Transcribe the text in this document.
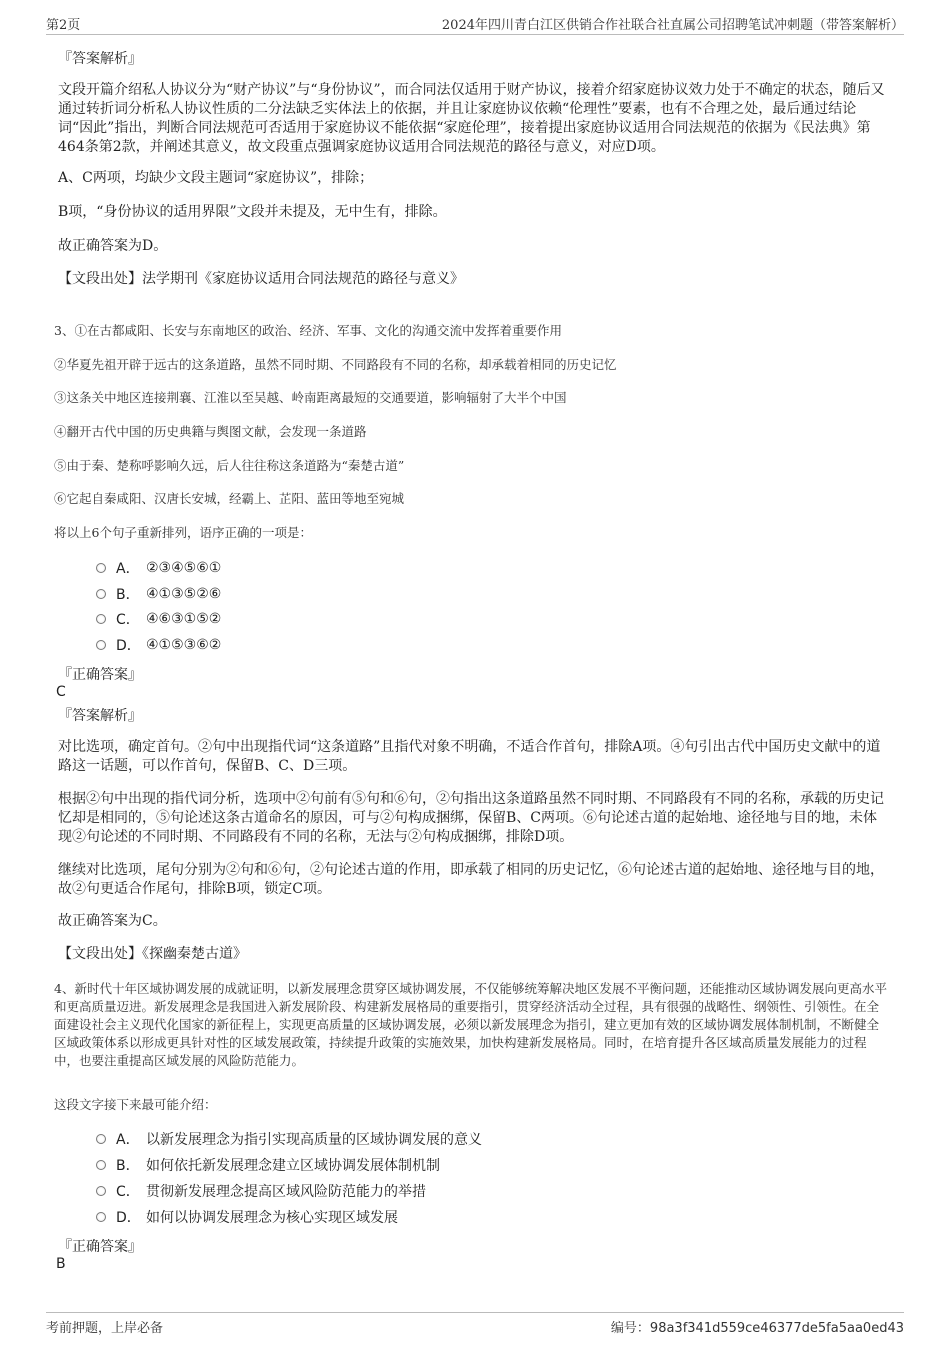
第2页	2024年四川青白江区供销合作社联合社直属公司招聘笔试冲刺题（带答案解析）
『答案解析』

文段开篇介绍私人协议分为“财产协议”与“身份协议”，而合同法仅适用于财产协议，接着介绍家庭协议效力处于不确定的状态，随后又通过转折词分析私人协议性质的二分法缺乏实体法上的依据，并且让家庭协议依赖“伦理性”要素，也有不合理之处，最后通过结论词“因此”指出，判断合同法规范可否适用于家庭协议不能依据“家庭伦理”，接着提出家庭协议适用合同法规范的依据为《民法典》第464条第2款，并阐述其意义，故文段重点强调家庭协议适用合同法规范的路径与意义，对应D项。

A、C两项，均缺少文段主题词“家庭协议”，排除；

B项，“身份协议的适用界限”文段并未提及，无中生有，排除。

故正确答案为D。

【文段出处】法学期刊《家庭协议适用合同法规范的路径与意义》

3、①在古都咸阳、长安与东南地区的政治、经济、军事、文化的沟通交流中发挥着重要作用
②华夏先祖开辟于远古的这条道路，虽然不同时期、不同路段有不同的名称，却承载着相同的历史记忆
③这条关中地区连接荆襄、江淮以至吴越、岭南距离最短的交通要道，影响辐射了大半个中国
④翻开古代中国的历史典籍与舆图文献，会发现一条道路
⑤由于秦、楚称呼影响久远，后人往往称这条道路为“秦楚古道”
⑥它起自秦咸阳、汉唐长安城，经霸上、芷阳、蓝田等地至宛城
将以上6个句子重新排列，语序正确的一项是：
A． ②③④⑤⑥①
B． ④①③⑤②⑥
C． ④⑥③①⑤②
D． ④①⑤③⑥②
『正确答案』
C
『答案解析』

对比选项，确定首句。②句中出现指代词“这条道路”且指代对象不明确，不适合作首句，排除A项。④句引出古代中国历史文献中的道路这一话题，可以作首句，保留B、C、D三项。

根据②句中出现的指代词分析，选项中②句前有⑤句和⑥句，②句指出这条道路虽然不同时期、不同路段有不同的名称，承载的历史记忆却是相同的，⑤句论述这条古道命名的原因，可与②句构成捆绑，保留B、C两项。⑥句论述古道的起始地、途径地与目的地，未体现②句论述的不同时期、不同路段有不同的名称，无法与②句构成捆绑，排除D项。

继续对比选项，尾句分别为②句和⑥句，②句论述古道的作用，即承载了相同的历史记忆，⑥句论述古道的起始地、途径地与目的地，故②句更适合作尾句，排除B项，锁定C项。

故正确答案为C。

【文段出处】《探幽秦楚古道》

4、新时代十年区域协调发展的成就证明，以新发展理念贯穿区域协调发展，不仅能够统筹解决地区发展不平衡问题，还能推动区域协调发展向更高水平和更高质量迈进。新发展理念是我国进入新发展阶段、构建新发展格局的重要指引，贯穿经济活动全过程，具有很强的战略性、纲领性、引领性。在全面建设社会主义现代化国家的新征程上，实现更高质量的区域协调发展，必须以新发展理念为指引，建立更加有效的区域协调发展体制机制，不断健全区域政策体系以形成更具针对性的区域发展政策，持续提升政策的实施效果，加快构建新发展格局。同时，在培育提升各区域高质量发展能力的过程中，也要注重提高区域发展的风险防范能力。
这段文字接下来最可能介绍：
A． 以新发展理念为指引实现高质量的区域协调发展的意义
B． 如何依托新发展理念建立区域协调发展体制机制
C． 贯彻新发展理念提高区域风险防范能力的举措
D． 如何以协调发展理念为核心实现区域发展
『正确答案』
B
考前押题，上岸必备	编号：98a3f341d559ce46377de5fa5aa0ed43
